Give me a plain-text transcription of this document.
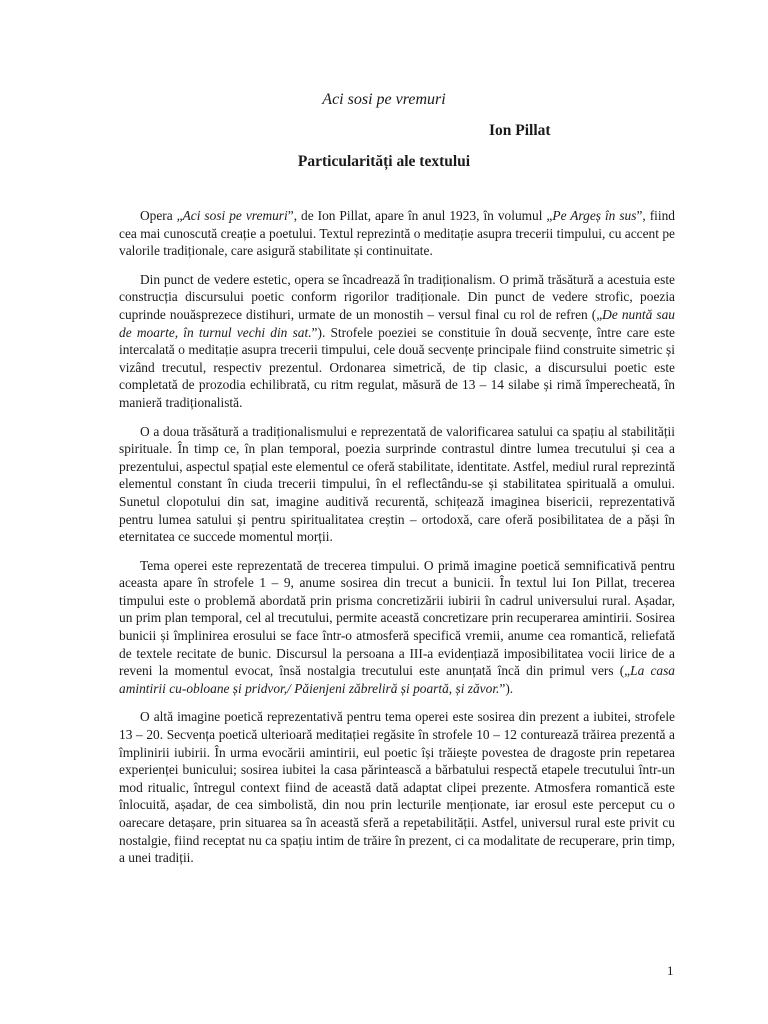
Aci sosi pe vremuri
Ion Pillat
Particularități ale textului

Opera „Aci sosi pe vremuri”, de Ion Pillat, apare în anul 1923, în volumul „Pe Argeș în sus”, fiind cea mai cunoscută creație a poetului. Textul reprezintă o meditație asupra trecerii timpului, cu accent pe valorile tradiționale, care asigură stabilitate și continuitate.

Din punct de vedere estetic, opera se încadrează în tradiționalism. O primă trăsătură a acestuia este construcția discursului poetic conform rigorilor tradiționale. Din punct de vedere strofic, poezia cuprinde nouăsprezece distihuri, urmate de un monostih – versul final cu rol de refren („De nuntă sau de moarte, în turnul vechi din sat.”). Strofele poeziei se constituie în două secvențe, între care este intercalată o meditație asupra trecerii timpului, cele două secvențe principale fiind construite simetric și vizând trecutul, respectiv prezentul. Ordonarea simetrică, de tip clasic, a discursului poetic este completată de prozodia echilibrată, cu ritm regulat, măsură de 13 – 14 silabe și rimă împerecheată, în manieră tradiționalistă.

O a doua trăsătură a tradiționalismului e reprezentată de valorificarea satului ca spațiu al stabilității spirituale. În timp ce, în plan temporal, poezia surprinde contrastul dintre lumea trecutului și cea a prezentului, aspectul spațial este elementul ce oferă stabilitate, identitate. Astfel, mediul rural reprezintă elementul constant în ciuda trecerii timpului, în el reflectându-se și stabilitatea spirituală a omului. Sunetul clopotului din sat, imagine auditivă recurentă, schițează imaginea bisericii, reprezentativă pentru lumea satului și pentru spiritualitatea creștin – ortodoxă, care oferă posibilitatea de a păși în eternitatea ce succede momentul morții.

Tema operei este reprezentată de trecerea timpului. O primă imagine poetică semnificativă pentru aceasta apare în strofele 1 – 9, anume sosirea din trecut a bunicii. În textul lui Ion Pillat, trecerea timpului este o problemă abordată prin prisma concretizării iubirii în cadrul universului rural. Așadar, un prim plan temporal, cel al trecutului, permite această concretizare prin recuperarea amintirii. Sosirea bunicii și împlinirea erosului se face într-o atmosferă specifică vremii, anume cea romantică, reliefată de textele recitate de bunic. Discursul la persoana a III-a evidențiază imposibilitatea vocii lirice de a reveni la momentul evocat, însă nostalgia trecutului este anunțată încă din primul vers („La casa amintirii cu-obloane și pridvor,/ Păienjeni zăbreliră și poartă, și zăvor.”).

O altă imagine poetică reprezentativă pentru tema operei este sosirea din prezent a iubitei, strofele 13 – 20. Secvența poetică ulterioară meditației regăsite în strofele 10 – 12 conturează trăirea prezentă a împlinirii iubirii. În urma evocării amintirii, eul poetic își trăiește povestea de dragoste prin repetarea experienței bunicului; sosirea iubitei la casa părintească a bărbatului respectă etapele trecutului într-un mod ritualic, întregul context fiind de această dată adaptat clipei prezente. Atmosfera romantică este înlocuită, așadar, de cea simbolistă, din nou prin lecturile menționate, iar erosul este perceput cu o oarecare detașare, prin situarea sa în această sferă a repetabilității. Astfel, universul rural este privit cu nostalgie, fiind receptat nu ca spațiu intim de trăire în prezent, ci ca modalitate de recuperare, prin timp, a unei tradiții.

1
